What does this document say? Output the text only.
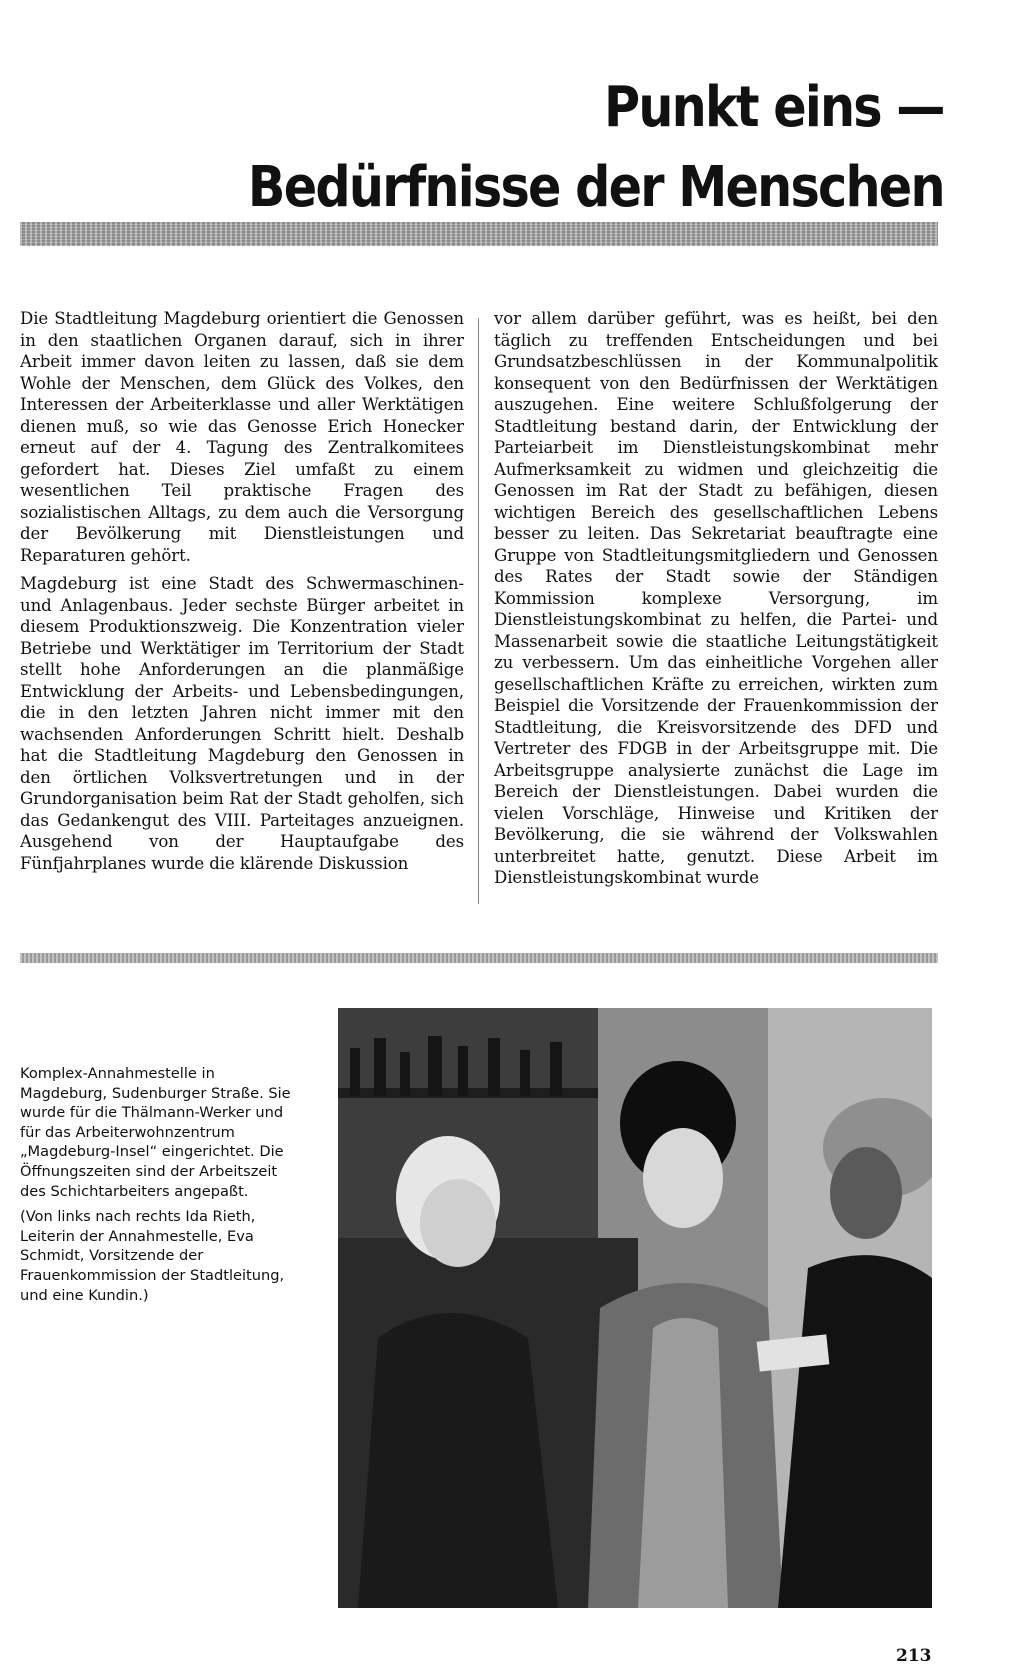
Punkt eins —
Bedürfnisse der Menschen

Die Stadtleitung Magdeburg orientiert die Genossen in den staatlichen Organen darauf, sich in ihrer Arbeit immer davon leiten zu lassen, daß sie dem Wohle der Menschen, dem Glück des Volkes, den Interessen der Arbeiterklasse und aller Werktätigen dienen muß, so wie das Genosse Erich Honecker erneut auf der 4. Tagung des Zentralkomitees gefordert hat. Dieses Ziel umfaßt zu einem wesentlichen Teil praktische Fragen des sozialistischen Alltags, zu dem auch die Versorgung der Bevölkerung mit Dienstleistungen und Reparaturen gehört.

Magdeburg ist eine Stadt des Schwermaschinen- und Anlagenbaus. Jeder sechste Bürger arbeitet in diesem Produktionszweig. Die Konzentration vieler Betriebe und Werktätiger im Territorium der Stadt stellt hohe Anforderungen an die planmäßige Entwicklung der Arbeits- und Lebensbedingungen, die in den letzten Jahren nicht immer mit den wachsenden Anforderungen Schritt hielt. Deshalb hat die Stadtleitung Magdeburg den Genossen in den örtlichen Volksvertretungen und in der Grundorganisation beim Rat der Stadt geholfen, sich das Gedankengut des VIII. Parteitages anzueignen. Ausgehend von der Hauptaufgabe des Fünfjahrplanes wurde die klärende Diskussion

vor allem darüber geführt, was es heißt, bei den täglich zu treffenden Entscheidungen und bei Grundsatzbeschlüssen in der Kommunalpolitik konsequent von den Bedürfnissen der Werktätigen auszugehen. Eine weitere Schlußfolgerung der Stadtleitung bestand darin, der Entwicklung der Parteiarbeit im Dienstleistungskombinat mehr Aufmerksamkeit zu widmen und gleichzeitig die Genossen im Rat der Stadt zu befähigen, diesen wichtigen Bereich des gesellschaftlichen Lebens besser zu leiten. Das Sekretariat beauftragte eine Gruppe von Stadtleitungsmitgliedern und Genossen des Rates der Stadt sowie der Ständigen Kommission komplexe Versorgung, im Dienstleistungskombinat zu helfen, die Partei- und Massenarbeit sowie die staatliche Leitungstätigkeit zu verbessern. Um das einheitliche Vorgehen aller gesellschaftlichen Kräfte zu erreichen, wirkten zum Beispiel die Vorsitzende der Frauenkommission der Stadtleitung, die Kreisvorsitzende des DFD und Vertreter des FDGB in der Arbeitsgruppe mit. Die Arbeitsgruppe analysierte zunächst die Lage im Bereich der Dienstleistungen. Dabei wurden die vielen Vorschläge, Hinweise und Kritiken der Bevölkerung, die sie während der Volkswahlen unterbreitet hatte, genutzt. Diese Arbeit im Dienstleistungskombinat wurde

Komplex-Annahmestelle in Magdeburg, Sudenburger Straße. Sie wurde für die Thälmann-Werker und für das Arbeiterwohnzentrum „Magdeburg-Insel“ eingerichtet. Die Öffnungszeiten sind der Arbeitszeit des Schichtarbeiters angepaßt.

(Von links nach rechts Ida Rieth, Leiterin der Annahmestelle, Eva Schmidt, Vorsitzende der Frauenkommission der Stadtleitung, und eine Kundin.)

213
